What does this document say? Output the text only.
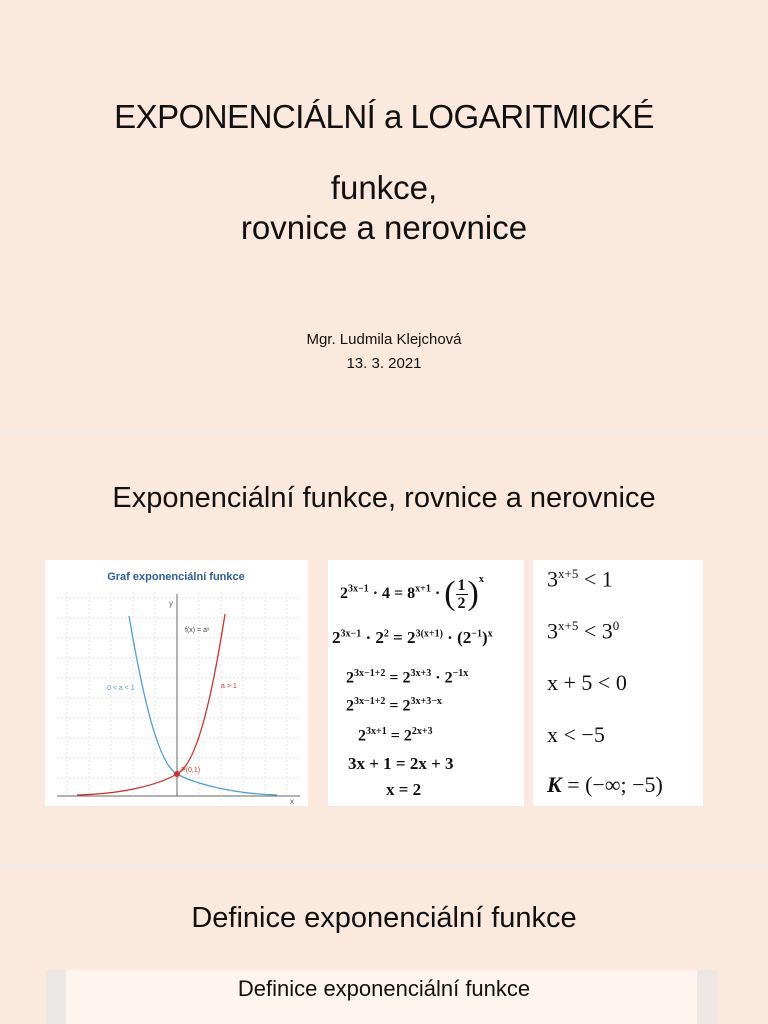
EXPONENCIÁLNÍ a LOGARITMICKÉ
funkce,
rovnice a nerovnice
Mgr. Ludmila Klejchová
13. 3. 2021
Exponenciální funkce, rovnice a nerovnice
Graf exponenciální funkce
y
x
P(0,1)
f(x) = aˣ
0 < a < 1	a > 1
$2^{3x-1} \cdot 4 = 8^{x+1}$ · ( $\frac{1}{2} )^x$
$2^{3x-1} \cdot 2^2 = 2^{3(x+1)} \cdot (2^{-1})^x$
$2^{3x-1+2} = 2^{3x+3} \cdot 2^{-1x}$
$2^{3x-1+2} = 2^{3x+3-x}$
$2^{3x+1} = 2^{2x+3}$
3x + 1 = 2x + 3
x = 2
$3^{x+5} < 1$
$3^{x+5} < 3^0$
x + 5 < 0
x < −5
K = (−∞; −5)
Definice exponenciální funkce
Definice exponenciální funkce
